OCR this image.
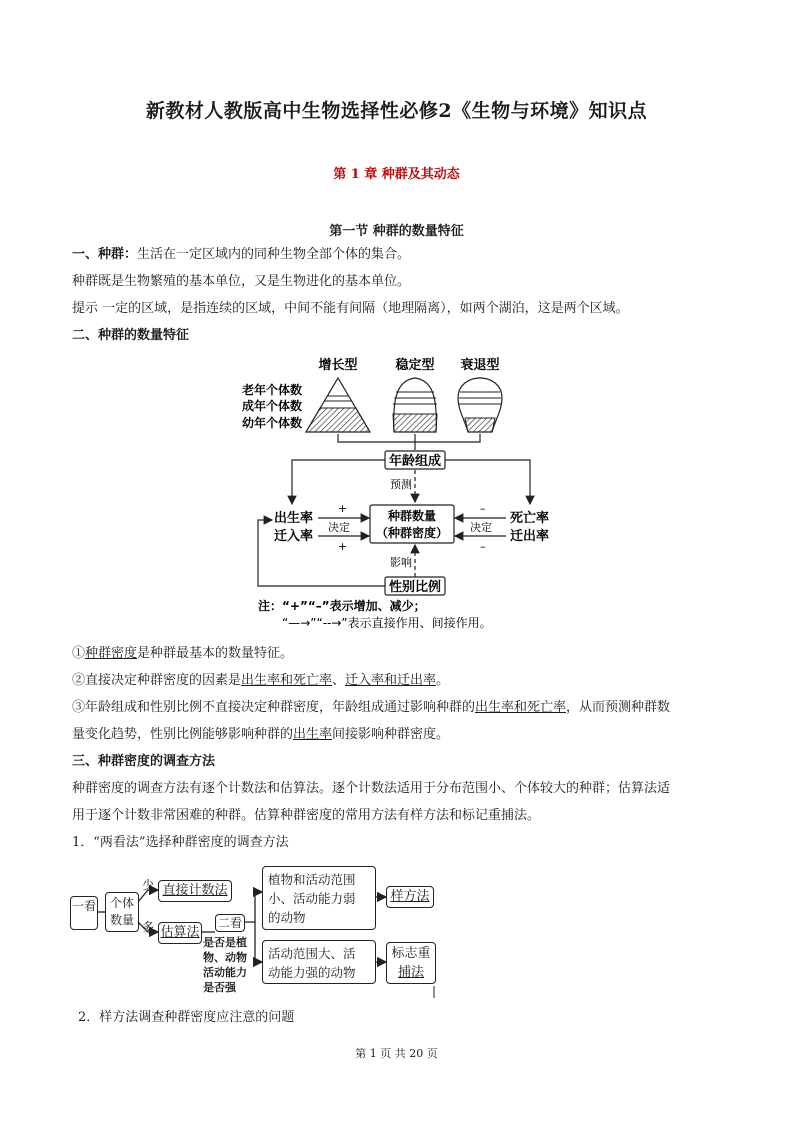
新教材人教版高中生物选择性必修2《生物与环境》知识点
第 1 章 种群及其动态
第一节 种群的数量特征
一、种群：生活在一定区域内的同种生物全部个体的集合。
种群既是生物繁殖的基本单位，又是生物进化的基本单位。
提示 一定的区域，是指连续的区域，中间不能有间隔（地理隔离），如两个湖泊，这是两个区域。
二、种群的数量特征
增长型	稳定型 衰退型
老年个体数
成年个体数
幼年个体数
年龄组成
预测
出生率
迁入率
死亡率
迁出率
种群数量
（种群密度）
+
决定
+
–
决定
–
影响
性别比例
注：“+”“–”表示增加、减少；
“—→”“--→”表示直接作用、间接作用。
①种群密度是种群最基本的数量特征。
②直接决定种群密度的因素是出生率和死亡率、迁入率和迁出率。
③年龄组成和性别比例不直接决定种群密度，年龄组成通过影响种群的出生率和死亡率，从而预测种群数
量变化趋势，性别比例能够影响种群的出生率间接影响种群密度。
三、种群密度的调查方法
种群密度的调查方法有逐个计数法和估算法。逐个计数法适用于分布范围小、个体较大的种群；估算法适
用于逐个计数非常困难的种群。估算种群密度的常用方法有样方法和标记重捕法。
1．“两看法”选择种群密度的调查方法
一看	个体数量
少
多
直接计数法
估算法
二看
是否是植
物、动物
活动能力
是否强
植物和活动范围
小、活动能力弱
的动物
活动范围大、活
动能力强的动物
样方法
标志重
捕法
2．样方法调查种群密度应注意的问题
第 1 页 共 20 页
